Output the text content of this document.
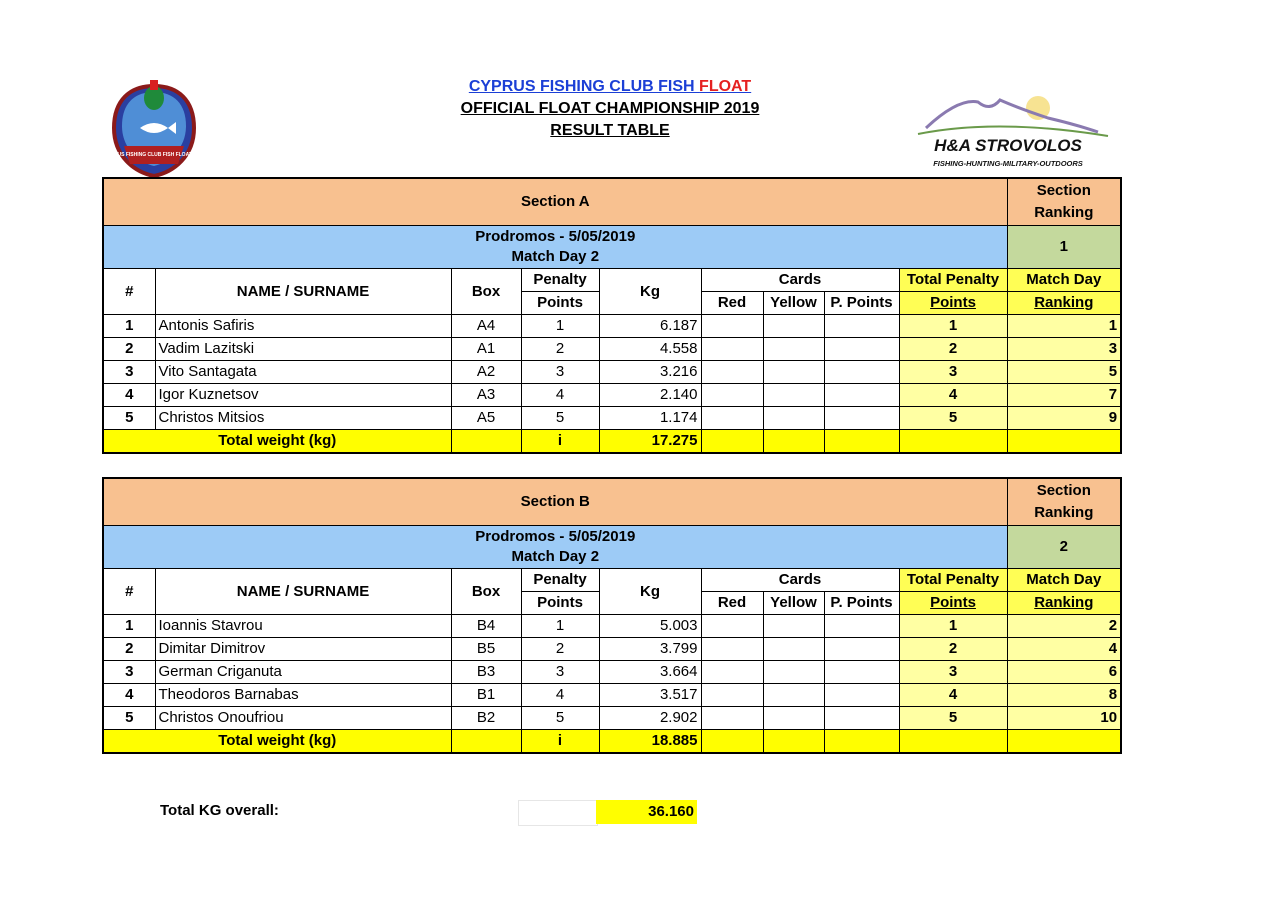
CYPRUS FISHING CLUB FISH FLOAT 2009
CYPRUS FISHING CLUB FISH FLOAT
OFFICIAL FLOAT CHAMPIONSHIP 2019
RESULT TABLE
H&A STROVOLOS
FISHING-HUNTING-MILITARY-OUTDOORS
Section A									Section
Ranking
Prodromos - 5/05/2019
Match Day 2									1
#	NAME / SURNAME	Box	Penalty	Kg	Cards			Total Penalty	Match Day
			Points		Red	Yellow	P. Points	Points	Ranking
1	Antonis Safiris	A4	1	6.187				1	1
2	Vadim Lazitski	A1	2	4.558				2	3
3	Vito Santagata	A2	3	3.216				3	5
4	Igor Kuznetsov	A3	4	2.140				4	7
5	Christos Mitsios	A5	5	1.174				5	9
Total weight (kg)			i	17.275					
Section B									Section
Ranking
Prodromos - 5/05/2019
Match Day 2									2
#	NAME / SURNAME	Box	Penalty	Kg	Cards			Total Penalty	Match Day
			Points		Red	Yellow	P. Points	Points	Ranking
1	Ioannis Stavrou	B4	1	5.003				1	2
2	Dimitar Dimitrov	B5	2	3.799				2	4
3	German Criganuta	B3	3	3.664				3	6
4	Theodoros Barnabas	B1	4	3.517				4	8
5	Christos Onoufriou	B2	5	2.902				5	10
Total weight (kg)			i	18.885					
Total KG overall:	36.160
